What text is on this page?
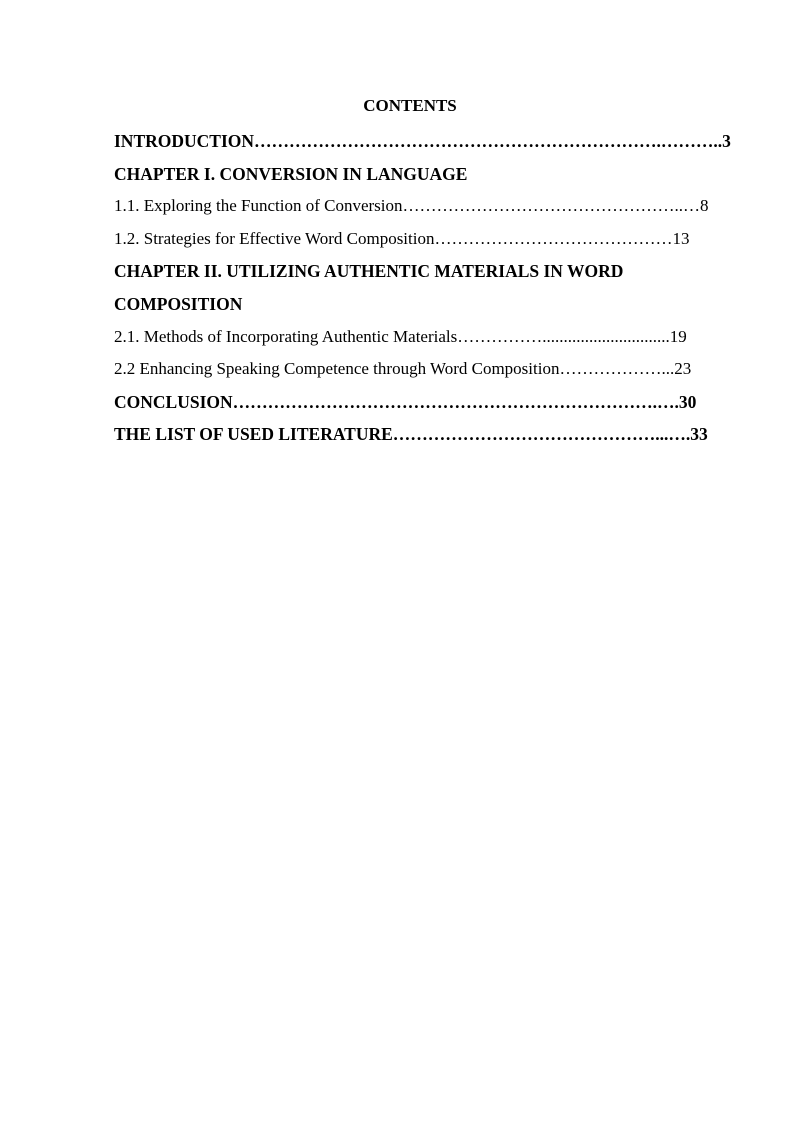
CONTENTS
INTRODUCTION…………………………………………………………….………..3
CHAPTER I. CONVERSION IN LANGUAGE
1.1. Exploring the Function of Conversion…………………………………………..…8
1.2. Strategies for Effective Word Composition……………………………………13
CHAPTER II. UTILIZING AUTHENTIC MATERIALS IN WORD
COMPOSITION
2.1. Methods of Incorporating Authentic Materials……………..............................19
2.2 Enhancing Speaking Competence through Word Composition………………...23
CONCLUSION……………………………………………………………….….30
THE LIST OF USED LITERATURE………………………………………...….33
